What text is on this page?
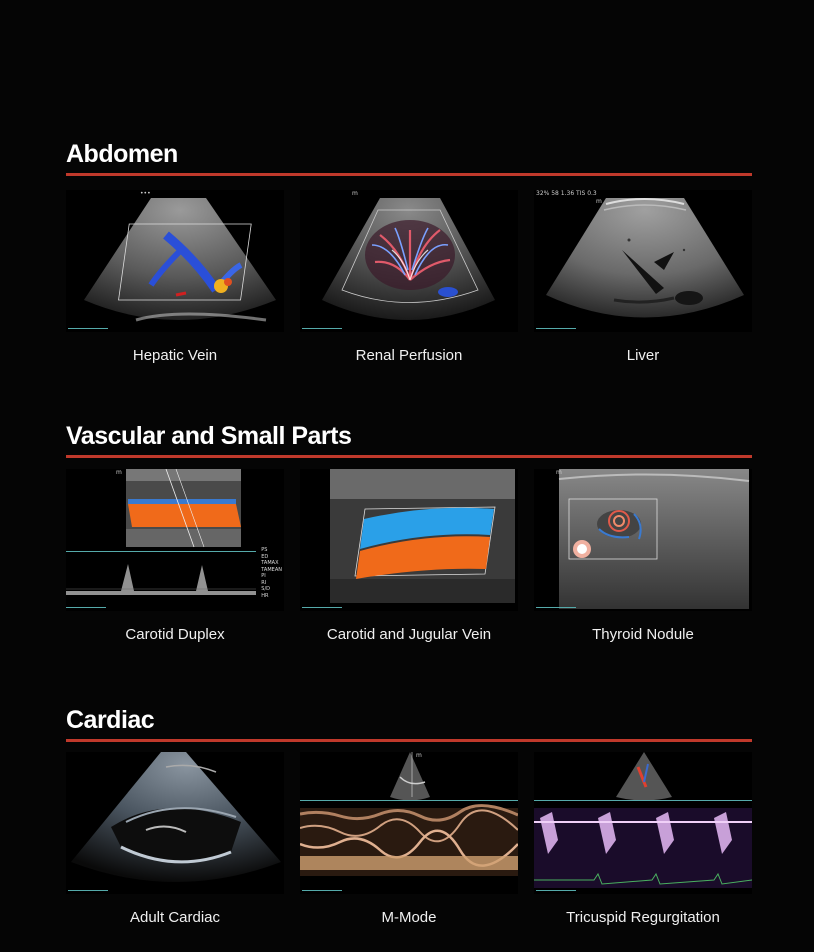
Abdomen
•••
Hepatic Vein
m
Renal Perfusion
32% 58 1.36 TIS 0.3
m
Liver
Vascular and Small Parts
m
PS
ED
TAMAX
TAMEAN
PI
RI
S/D
HR
Carotid Duplex	Carotid and Jugular Vein
m
Thyroid Nodule
Cardiac
Adult Cardiac
m
M-Mode	Tricuspid Regurgitation
